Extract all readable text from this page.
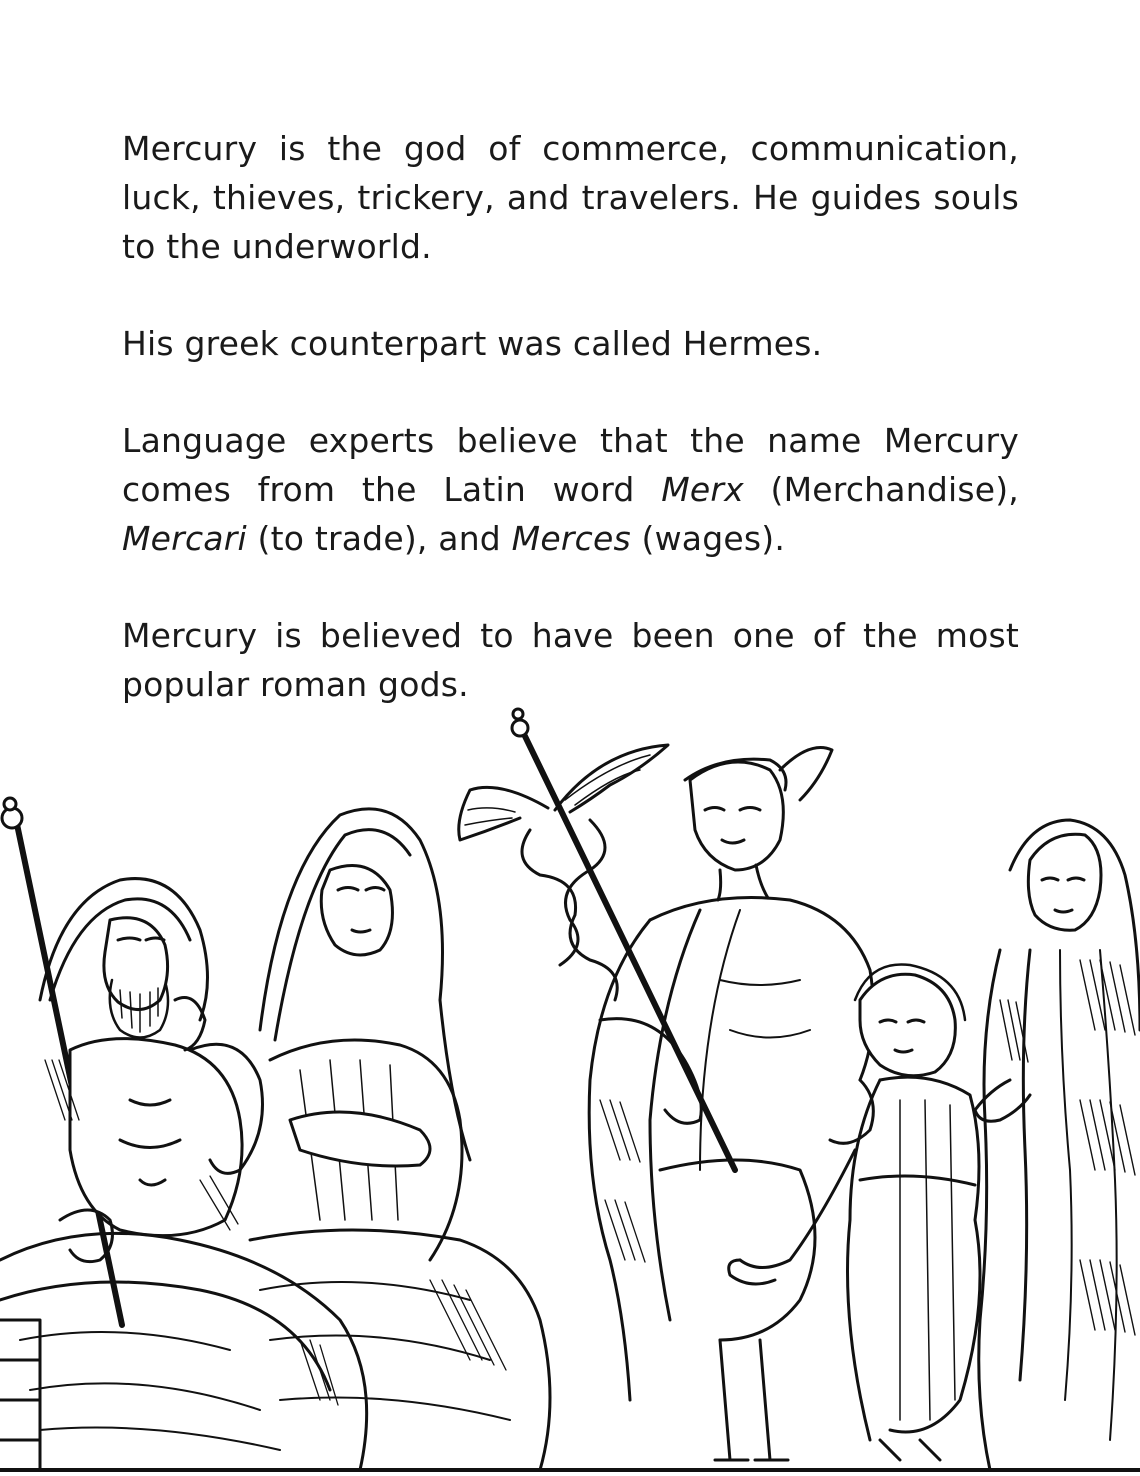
Mercury is the god of commerce, communication, luck, thieves, trickery, and travelers. He guides souls to the underworld.

His greek counterpart was called Hermes.

Language experts believe that the name Mercury comes from the Latin word Merx (Merchandise), Mercari (to trade), and Merces (wages).

Mercury is believed to have been one of the most popular roman gods.
